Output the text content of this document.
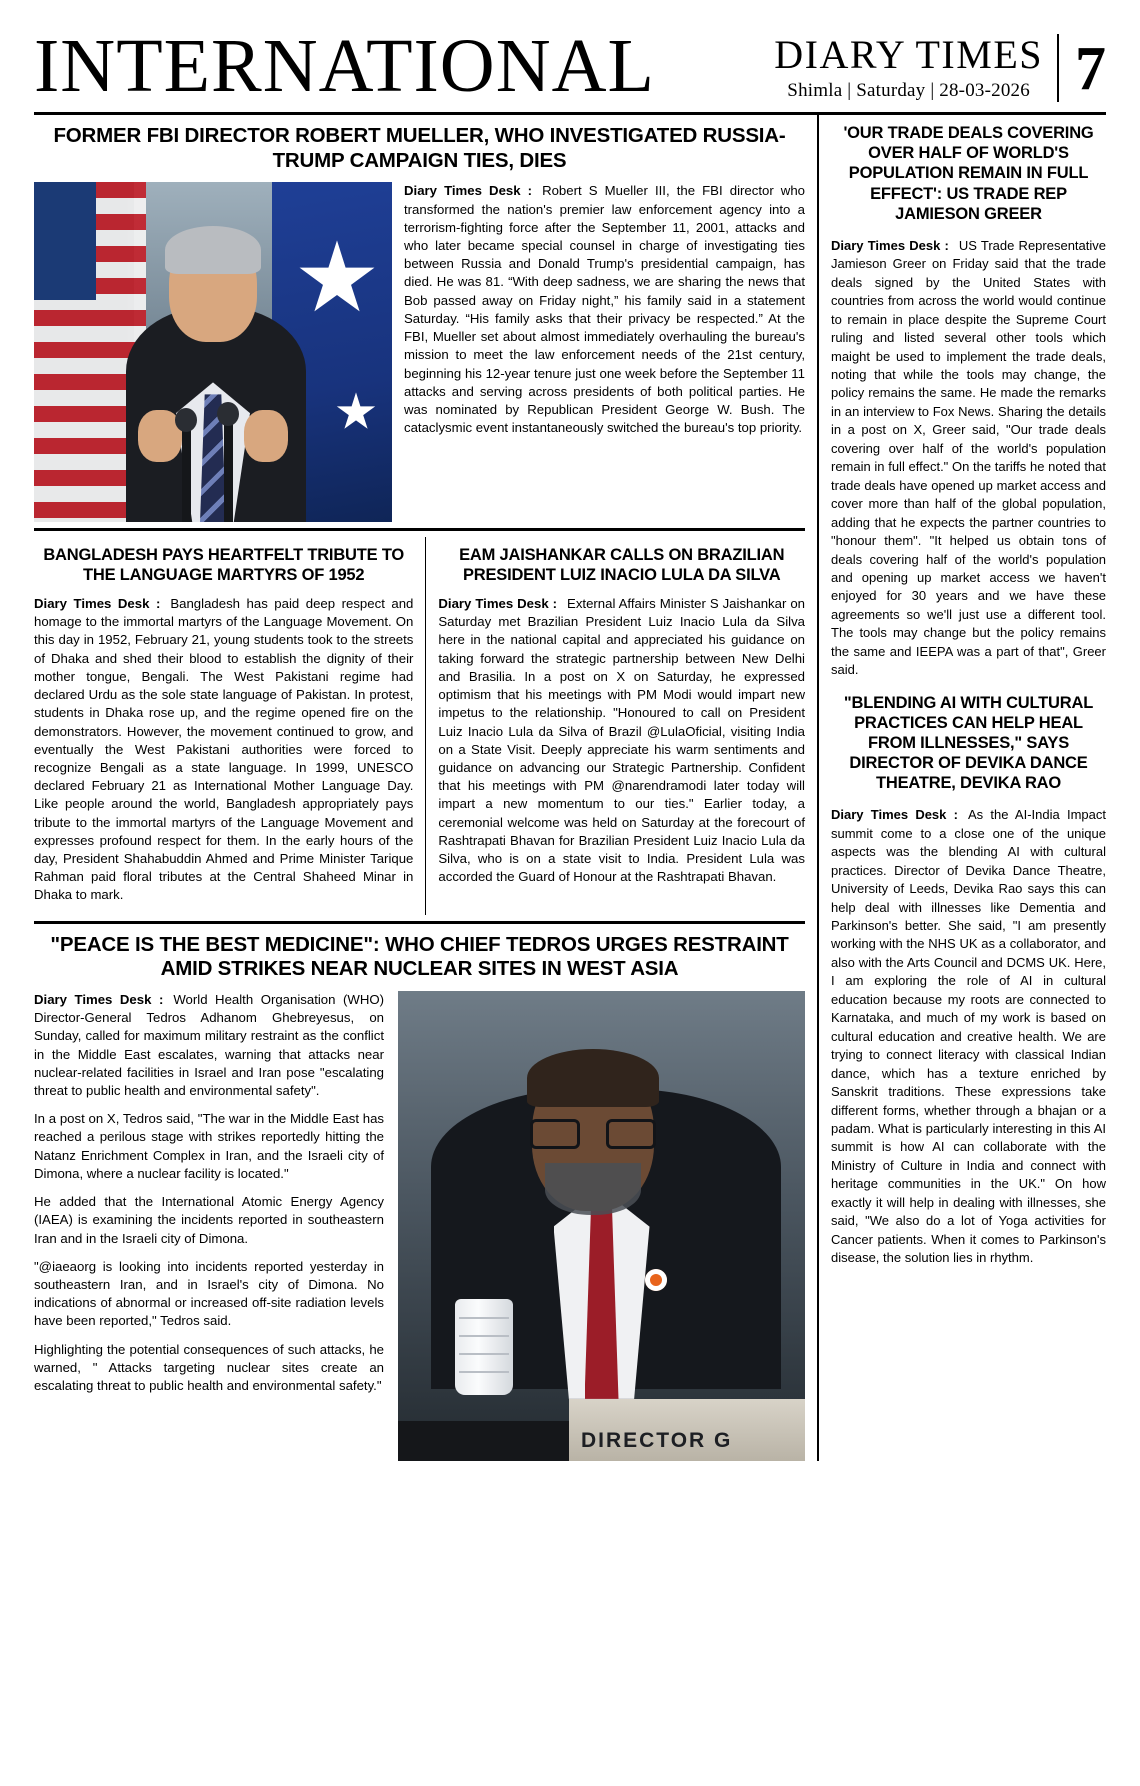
INTERNATIONAL	DIARY TIMES
Shimla | Saturday | 28-03-2026 7
FORMER FBI DIRECTOR ROBERT MUELLER, WHO INVESTIGATED RUSSIA-TRUMP CAMPAIGN TIES, DIES

Diary Times Desk : Robert S Mueller III, the FBI director who transformed the nation's premier law enforcement agency into a terrorism-fighting force after the September 11, 2001, attacks and who later became special counsel in charge of investigating ties between Russia and Donald Trump's presidential campaign, has died. He was 81. “With deep sadness, we are sharing the news that Bob passed away on Friday night,” his family said in a statement Saturday. “His family asks that their privacy be respected.” At the FBI, Mueller set about almost immediately overhauling the bureau's mission to meet the law enforcement needs of the 21st century, beginning his 12-year tenure just one week before the September 11 attacks and serving across presidents of both political parties. He was nominated by Republican President George W. Bush. The cataclysmic event instantaneously switched the bureau's top priority.

BANGLADESH PAYS HEARTFELT TRIBUTE TO THE LANGUAGE MARTYRS OF 1952

Diary Times Desk : Bangladesh has paid deep respect and homage to the immortal martyrs of the Language Movement. On this day in 1952, February 21, young students took to the streets of Dhaka and shed their blood to establish the dignity of their mother tongue, Bengali. The West Pakistani regime had declared Urdu as the sole state language of Pakistan. In protest, students in Dhaka rose up, and the regime opened fire on the demonstrators. However, the movement continued to grow, and eventually the West Pakistani authorities were forced to recognize Bengali as a state language. In 1999, UNESCO declared February 21 as International Mother Language Day. Like people around the world, Bangladesh appropriately pays tribute to the immortal martyrs of the Language Movement and expresses profound respect for them. In the early hours of the day, President Shahabuddin Ahmed and Prime Minister Tarique Rahman paid floral tributes at the Central Shaheed Minar in Dhaka to mark.

EAM JAISHANKAR CALLS ON BRAZILIAN PRESIDENT LUIZ INACIO LULA DA SILVA

Diary Times Desk : External Affairs Minister S Jaishankar on Saturday met Brazilian President Luiz Inacio Lula da Silva here in the national capital and appreciated his guidance on taking forward the strategic partnership between New Delhi and Brasilia. In a post on X on Saturday, he expressed optimism that his meetings with PM Modi would impart new impetus to the relationship. "Honoured to call on President Luiz Inacio Lula da Silva of Brazil @LulaOficial, visiting India on a State Visit. Deeply appreciate his warm sentiments and guidance on advancing our Strategic Partnership. Confident that his meetings with PM @narendramodi later today will impart a new momentum to our ties." Earlier today, a ceremonial welcome was held on Saturday at the forecourt of Rashtrapati Bhavan for Brazilian President Luiz Inacio Lula da Silva, who is on a state visit to India. President Lula was accorded the Guard of Honour at the Rashtrapati Bhavan.

"PEACE IS THE BEST MEDICINE": WHO CHIEF TEDROS URGES RESTRAINT AMID STRIKES NEAR NUCLEAR SITES IN WEST ASIA

Diary Times Desk : World Health Organisation (WHO) Director-General Tedros Adhanom Ghebreyesus, on Sunday, called for maximum military restraint as the conflict in the Middle East escalates, warning that attacks near nuclear-related facilities in Israel and Iran pose "escalating threat to public health and environmental safety".

In a post on X, Tedros said, "The war in the Middle East has reached a perilous stage with strikes reportedly hitting the Natanz Enrichment Complex in Iran, and the Israeli city of Dimona, where a nuclear facility is located."

He added that the International Atomic Energy Agency (IAEA) is examining the incidents reported in southeastern Iran and in the Israeli city of Dimona.

"@iaeaorg is looking into incidents reported yesterday in southeastern Iran, and in Israel's city of Dimona. No indications of abnormal or increased off-site radiation levels have been reported," Tedros said.

Highlighting the potential consequences of such attacks, he warned, " Attacks targeting nuclear sites create an escalating threat to public health and environmental safety."

DIRECTOR G
'OUR TRADE DEALS COVERING OVER HALF OF WORLD'S POPULATION REMAIN IN FULL EFFECT': US TRADE REP JAMIESON GREER

Diary Times Desk : US Trade Representative Jamieson Greer on Friday said that the trade deals signed by the United States with countries from across the world would continue to remain in place despite the Supreme Court ruling and listed several other tools which maight be used to implement the trade deals, noting that while the tools may change, the policy remains the same. He made the remarks in an interview to Fox News. Sharing the details in a post on X, Greer said, "Our trade deals covering over half of the world's population remain in full effect." On the tariffs he noted that trade deals have opened up market access and cover more than half of the global population, adding that he expects the partner countries to "honour them". "It helped us obtain tons of deals covering half of the world's population and opening up market access we haven't enjoyed for 30 years and we have these agreements so we'll just use a different tool. The tools may change but the policy remains the same and IEEPA was a part of that", Greer said.

"BLENDING AI WITH CULTURAL PRACTICES CAN HELP HEAL FROM ILLNESSES," SAYS DIRECTOR OF DEVIKA DANCE THEATRE, DEVIKA RAO

Diary Times Desk : As the AI-India Impact summit come to a close one of the unique aspects was the blending AI with cultural practices. Director of Devika Dance Theatre, University of Leeds, Devika Rao says this can help deal with illnesses like Dementia and Parkinson's better. She said, "I am presently working with the NHS UK as a collaborator, and also with the Arts Council and DCMS UK. Here, I am exploring the role of AI in cultural education because my roots are connected to Karnataka, and much of my work is based on cultural education and creative health. We are trying to connect literacy with classical Indian dance, which has a texture enriched by Sanskrit traditions. These expressions take different forms, whether through a bhajan or a padam. What is particularly interesting in this AI summit is how AI can collaborate with the Ministry of Culture in India and connect with heritage communities in the UK." On how exactly it will help in dealing with illnesses, she said, "We also do a lot of Yoga activities for Cancer patients. When it comes to Parkinson's disease, the solution lies in rhythm.
